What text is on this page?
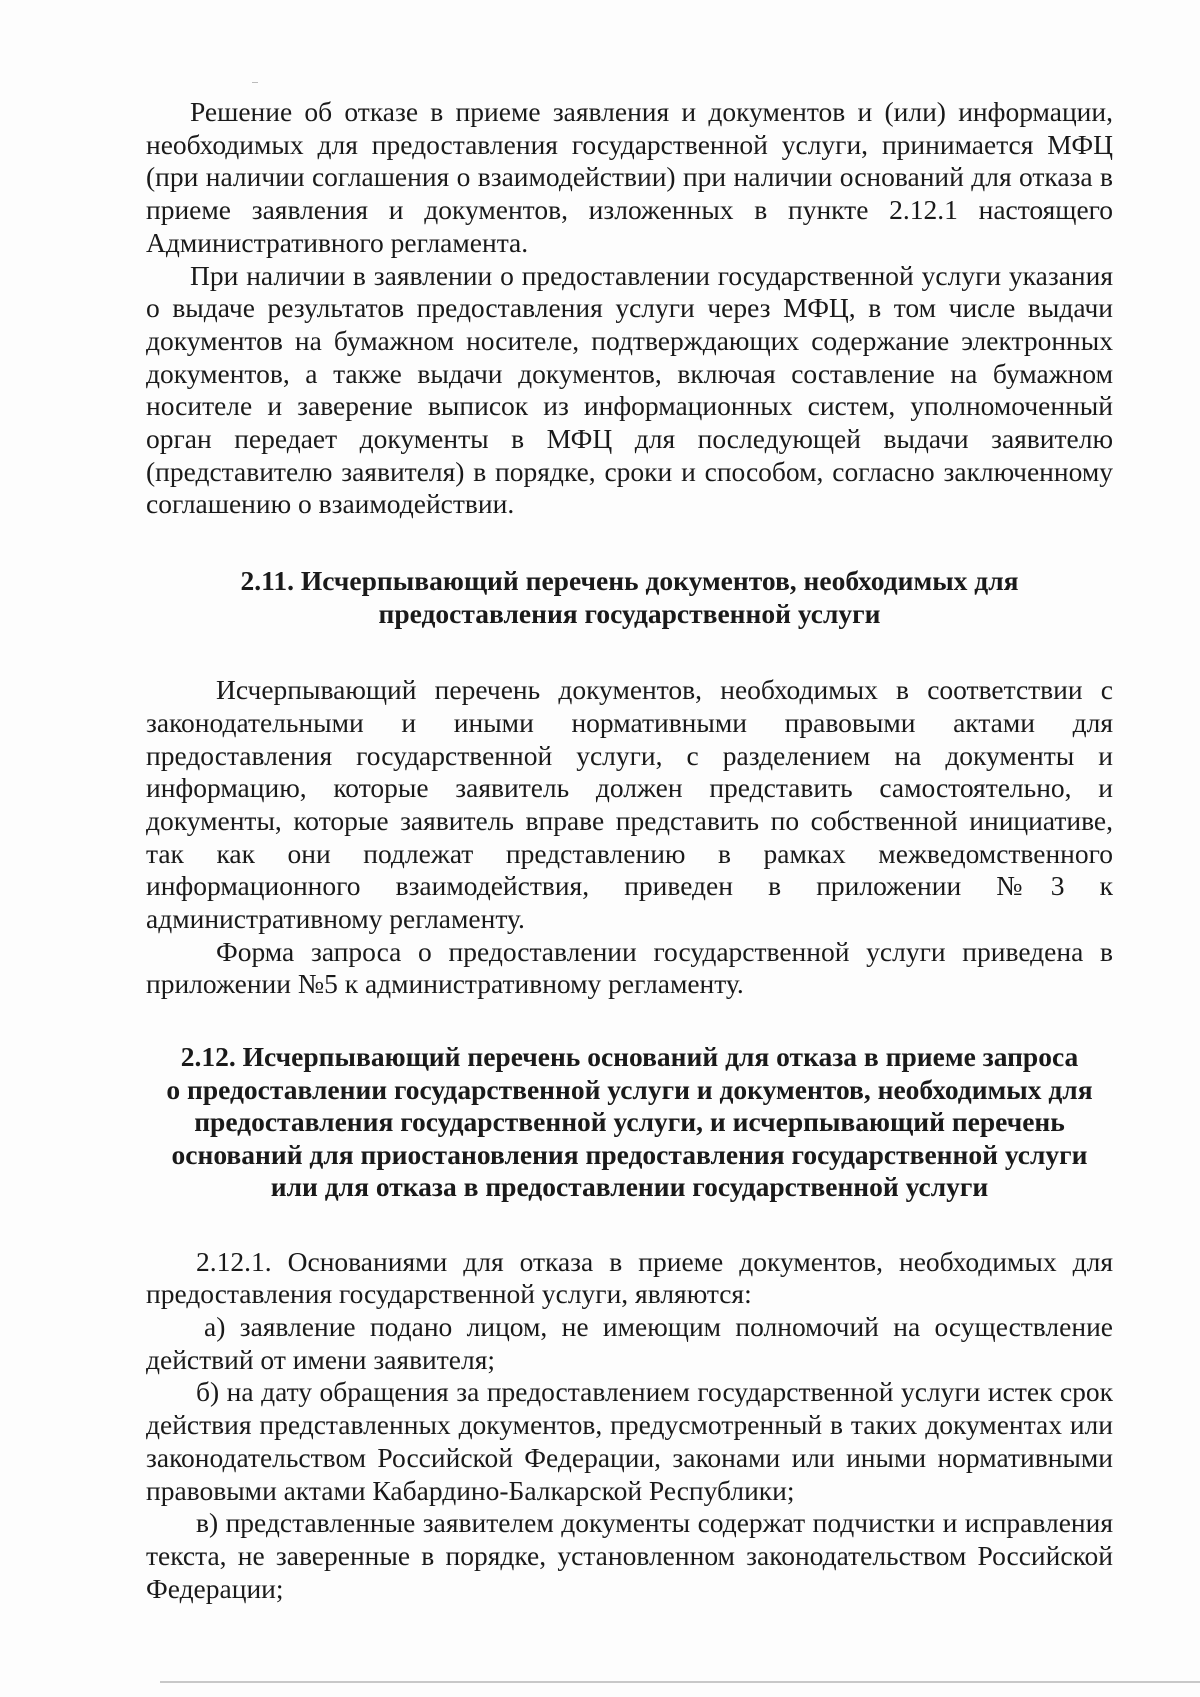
Решение об отказе в приеме заявления и документов и (или) информации, необходимых для предоставления государственной услуги, принимается МФЦ (при наличии соглашения о взаимодействии) при наличии оснований для отказа в приеме заявления и документов, изложенных в пункте 2.12.1 настоящего Административного регламента.

При наличии в заявлении о предоставлении государственной услуги указания о выдаче результатов предоставления услуги через МФЦ, в том числе выдачи документов на бумажном носителе, подтверждающих содержание электронных документов, а также выдачи документов, включая составление на бумажном носителе и заверение выписок из информационных систем, уполномоченный орган передает документы в МФЦ для последующей выдачи заявителю (представителю заявителя) в порядке, сроки и способом, согласно заключенному соглашению о взаимодействии.

2.11. Исчерпывающий перечень документов, необходимых для
предоставления государственной услуги

Исчерпывающий перечень документов, необходимых в соответствии с законодательными и иными нормативными правовыми актами для предоставления государственной услуги, с разделением на документы и информацию, которые заявитель должен представить самостоятельно, и документы, которые заявитель вправе представить по собственной инициативе, так как они подлежат представлению в рамках межведомственного информационного взаимодействия, приведен в приложении №3 к административному регламенту.

Форма запроса о предоставлении государственной услуги приведена в приложении №5 к административному регламенту.

2.12. Исчерпывающий перечень оснований для отказа в приеме запроса
о предоставлении государственной услуги и документов, необходимых для
предоставления государственной услуги, и исчерпывающий перечень
оснований для приостановления предоставления государственной услуги
или для отказа в предоставлении государственной услуги

2.12.1. Основаниями для отказа в приеме документов, необходимых для предоставления государственной услуги, являются:

а) заявление подано лицом, не имеющим полномочий на осуществление действий от имени заявителя;

б) на дату обращения за предоставлением государственной услуги истек срок действия представленных документов, предусмотренный в таких документах или законодательством Российской Федерации, законами или иными нормативными правовыми актами Кабардино-Балкарской Республики;

в) представленные заявителем документы содержат подчистки и исправления текста, не заверенные в порядке, установленном законодательством Российской Федерации;
